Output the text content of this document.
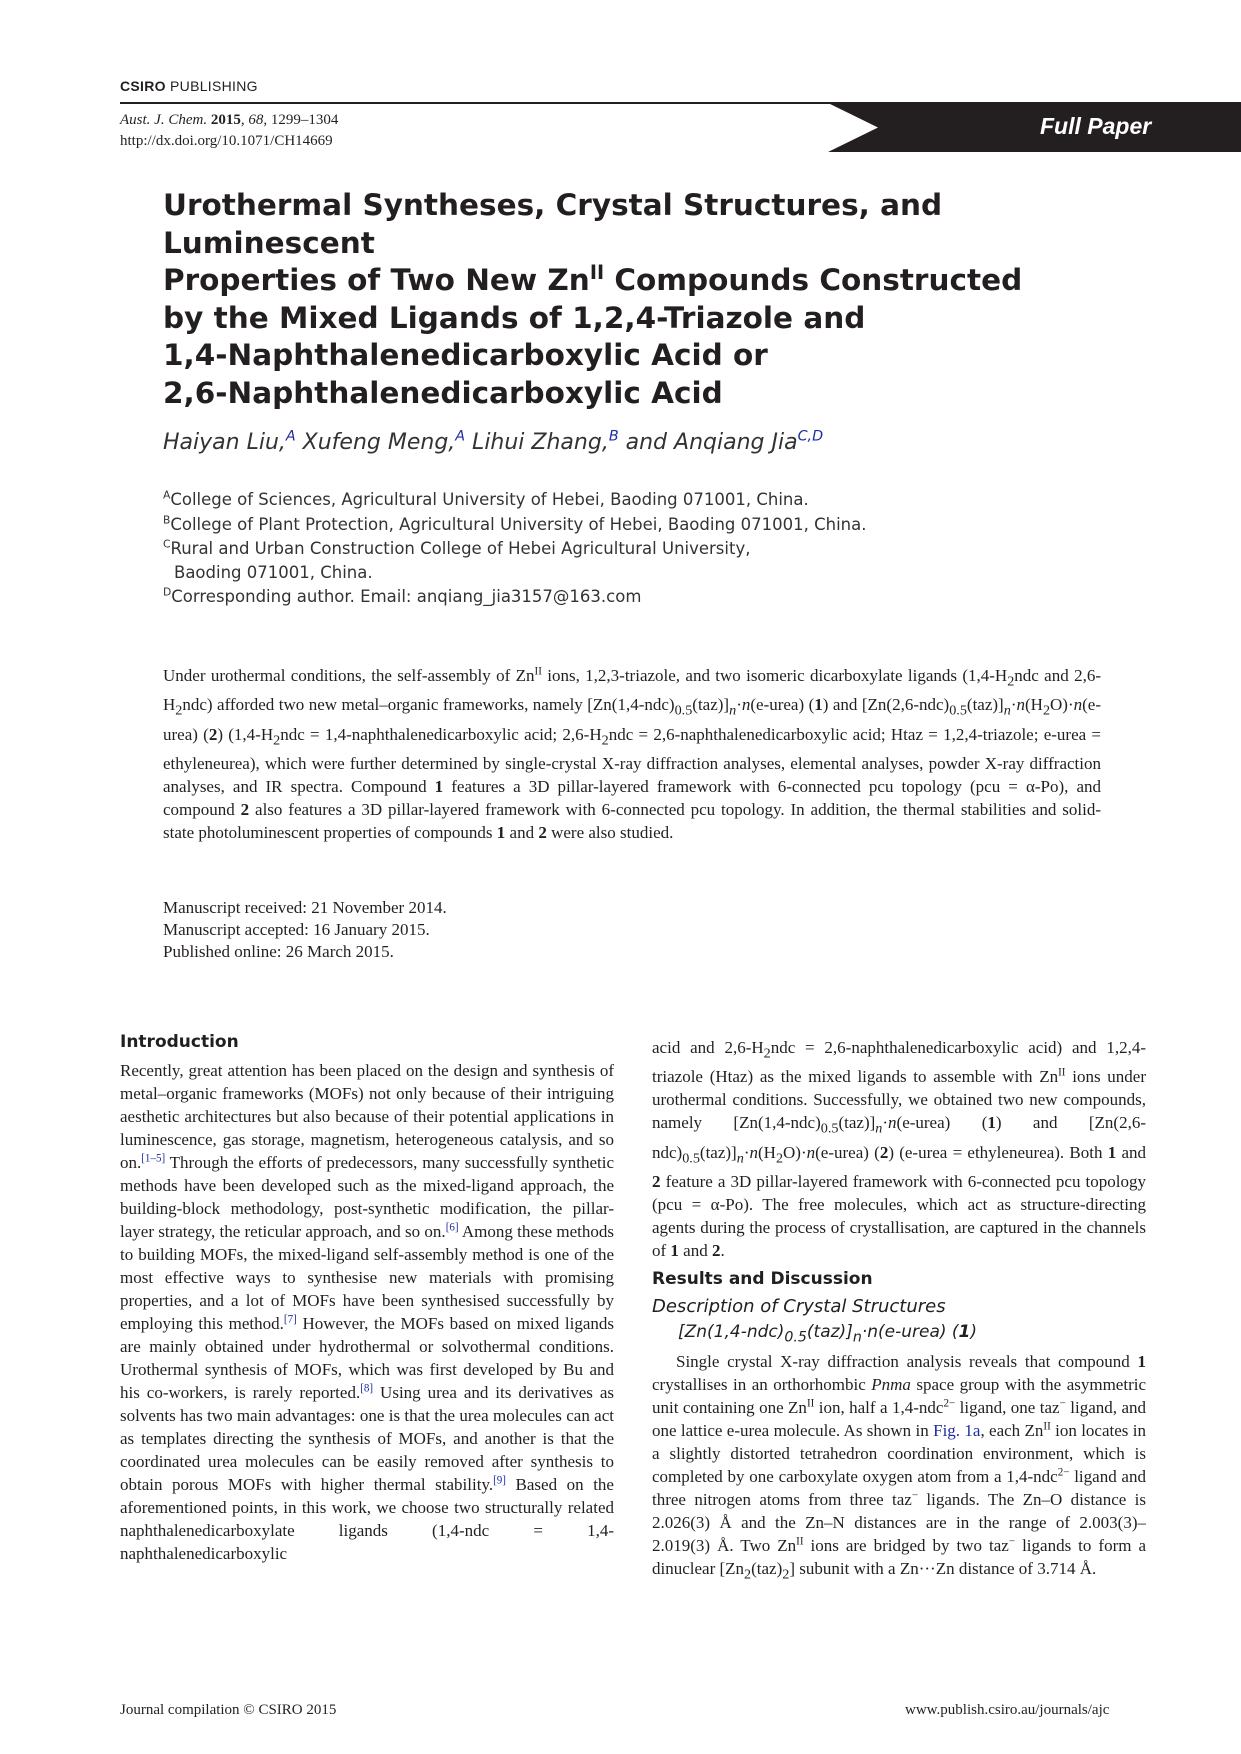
CSIRO PUBLISHING
Full Paper
Aust. J. Chem. 2015, 68, 1299–1304
http://dx.doi.org/10.1071/CH14669
Urothermal Syntheses, Crystal Structures, and Luminescent
Properties of Two New $Zn^{II}$ Compounds Constructed
by the Mixed Ligands of 1,2,4-Triazole and
1,4-Naphthalenedicarboxylic Acid or
2,6-Naphthalenedicarboxylic Acid
Haiyan Liu,$^A$ Xufeng Meng,$^A$ Lihui Zhang,$^B$ and Anqiang Jia$^{C,D}$
$^A$College of Sciences, Agricultural University of Hebei, Baoding 071001, China.
$^B$College of Plant Protection, Agricultural University of Hebei, Baoding 071001, China.
$^C$Rural and Urban Construction College of Hebei Agricultural University,
Baoding 071001, China.
$^D$Corresponding author. Email: anqiang_jia3157@163.com
Under urothermal conditions, the self-assembly of $Zn^{II}$ ions, 1,2,3-triazole, and two isomeric dicarboxylate ligands ($1,4-H_2ndc$ and $2,6-H_2ndc$) afforded two new metal–organic frameworks, namely $[Zn(1,4-ndc)_{0.5}(taz)]_n\cdot n(e-urea)$ (1) and $[Zn(2,6-ndc)_{0.5}(taz)]_n\cdot n(H_2O)\cdot n(e-urea)$ (2) ($1,4-H_2ndc$ = 1,4-naphthalenedicarboxylic acid; $2,6-H_2ndc$ = 2,6-naphthalenedicarboxylic acid; Htaz = 1,2,4-triazole; e-urea = ethyleneurea), which were further determined by single-crystal X-ray diffraction analyses, elemental analyses, powder X-ray diffraction analyses, and IR spectra. Compound 1 features a 3D pillar-layered framework with 6-connected pcu topology (pcu = α-Po), and compound 2 also features a 3D pillar-layered framework with 6-connected pcu topology. In addition, the thermal stabilities and solid-state photoluminescent properties of compounds 1 and 2 were also studied.
Manuscript received: 21 November 2014.
Manuscript accepted: 16 January 2015.
Published online: 26 March 2015.
Introduction
Recently, great attention has been placed on the design and synthesis of metal–organic frameworks (MOFs) not only because of their intriguing aesthetic architectures but also because of their potential applications in luminescence, gas storage, magnetism, heterogeneous catalysis, and so on.[1–5] Through the efforts of predecessors, many successfully synthetic methods have been developed such as the mixed-ligand approach, the building-block methodology, post-synthetic modification, the pillar-layer strategy, the reticular approach, and so on.[6] Among these methods to building MOFs, the mixed-ligand self-assembly method is one of the most effective ways to synthesise new materials with promising properties, and a lot of MOFs have been synthesised successfully by employing this method.[7] However, the MOFs based on mixed ligands are mainly obtained under hydrothermal or solvothermal conditions. Urothermal synthesis of MOFs, which was first developed by Bu and his co-workers, is rarely reported.[8] Using urea and its derivatives as solvents has two main advantages: one is that the urea molecules can act as templates directing the synthesis of MOFs, and another is that the coordinated urea molecules can be easily removed after synthesis to obtain porous MOFs with higher thermal stability.[9] Based on the aforementioned points, in this work, we choose two structurally related naphthalenedicarboxylate ligands (1,4-ndc = 1,4-naphthalenedicarboxylic
acid and $2,6-H_2ndc$ = 2,6-naphthalenedicarboxylic acid) and 1,2,4-triazole (Htaz) as the mixed ligands to assemble with $Zn^{II}$ ions under urothermal conditions. Successfully, we obtained two new compounds, namely $[Zn(1,4-ndc)_{0.5}(taz)]_n\cdot n(e-urea)$ (1) and $[Zn(2,6-ndc)_{0.5}(taz)]_n\cdot n(H_2O)\cdot n(e-urea)$ (2) (e-urea = ethyleneurea). Both 1 and 2 feature a 3D pillar-layered framework with 6-connected pcu topology (pcu = α-Po). The free molecules, which act as structure-directing agents during the process of crystallisation, are captured in the channels of 1 and 2.
Results and Discussion
Description of Crystal Structures
$[Zn(1,4-ndc)_{0.5}(taz)]_n\cdot n(e-urea)$ (1)
Single crystal X-ray diffraction analysis reveals that compound 1 crystallises in an orthorhombic Pnma space group with the asymmetric unit containing one $Zn^{II}$ ion, half a 1,4-ndc$^{2-}$ ligand, one taz− ligand, and one lattice e-urea molecule. As shown in Fig. 1a, each $Zn^{II}$ ion locates in a slightly distorted tetrahedron coordination environment, which is completed by one carboxylate oxygen atom from a 1,4-ndc$^{2-}$ ligand and three nitrogen atoms from three taz− ligands. The Zn–O distance is 2.026(3) Å and the Zn–N distances are in the range of 2.003(3)–2.019(3) Å. Two $Zn^{II}$ ions are bridged by two taz− ligands to form a dinuclear $[Zn_2(taz)_2]$ subunit with a Zn···Zn distance of 3.714 Å.
Journal compilation © CSIRO 2015	www.publish.csiro.au/journals/ajc
